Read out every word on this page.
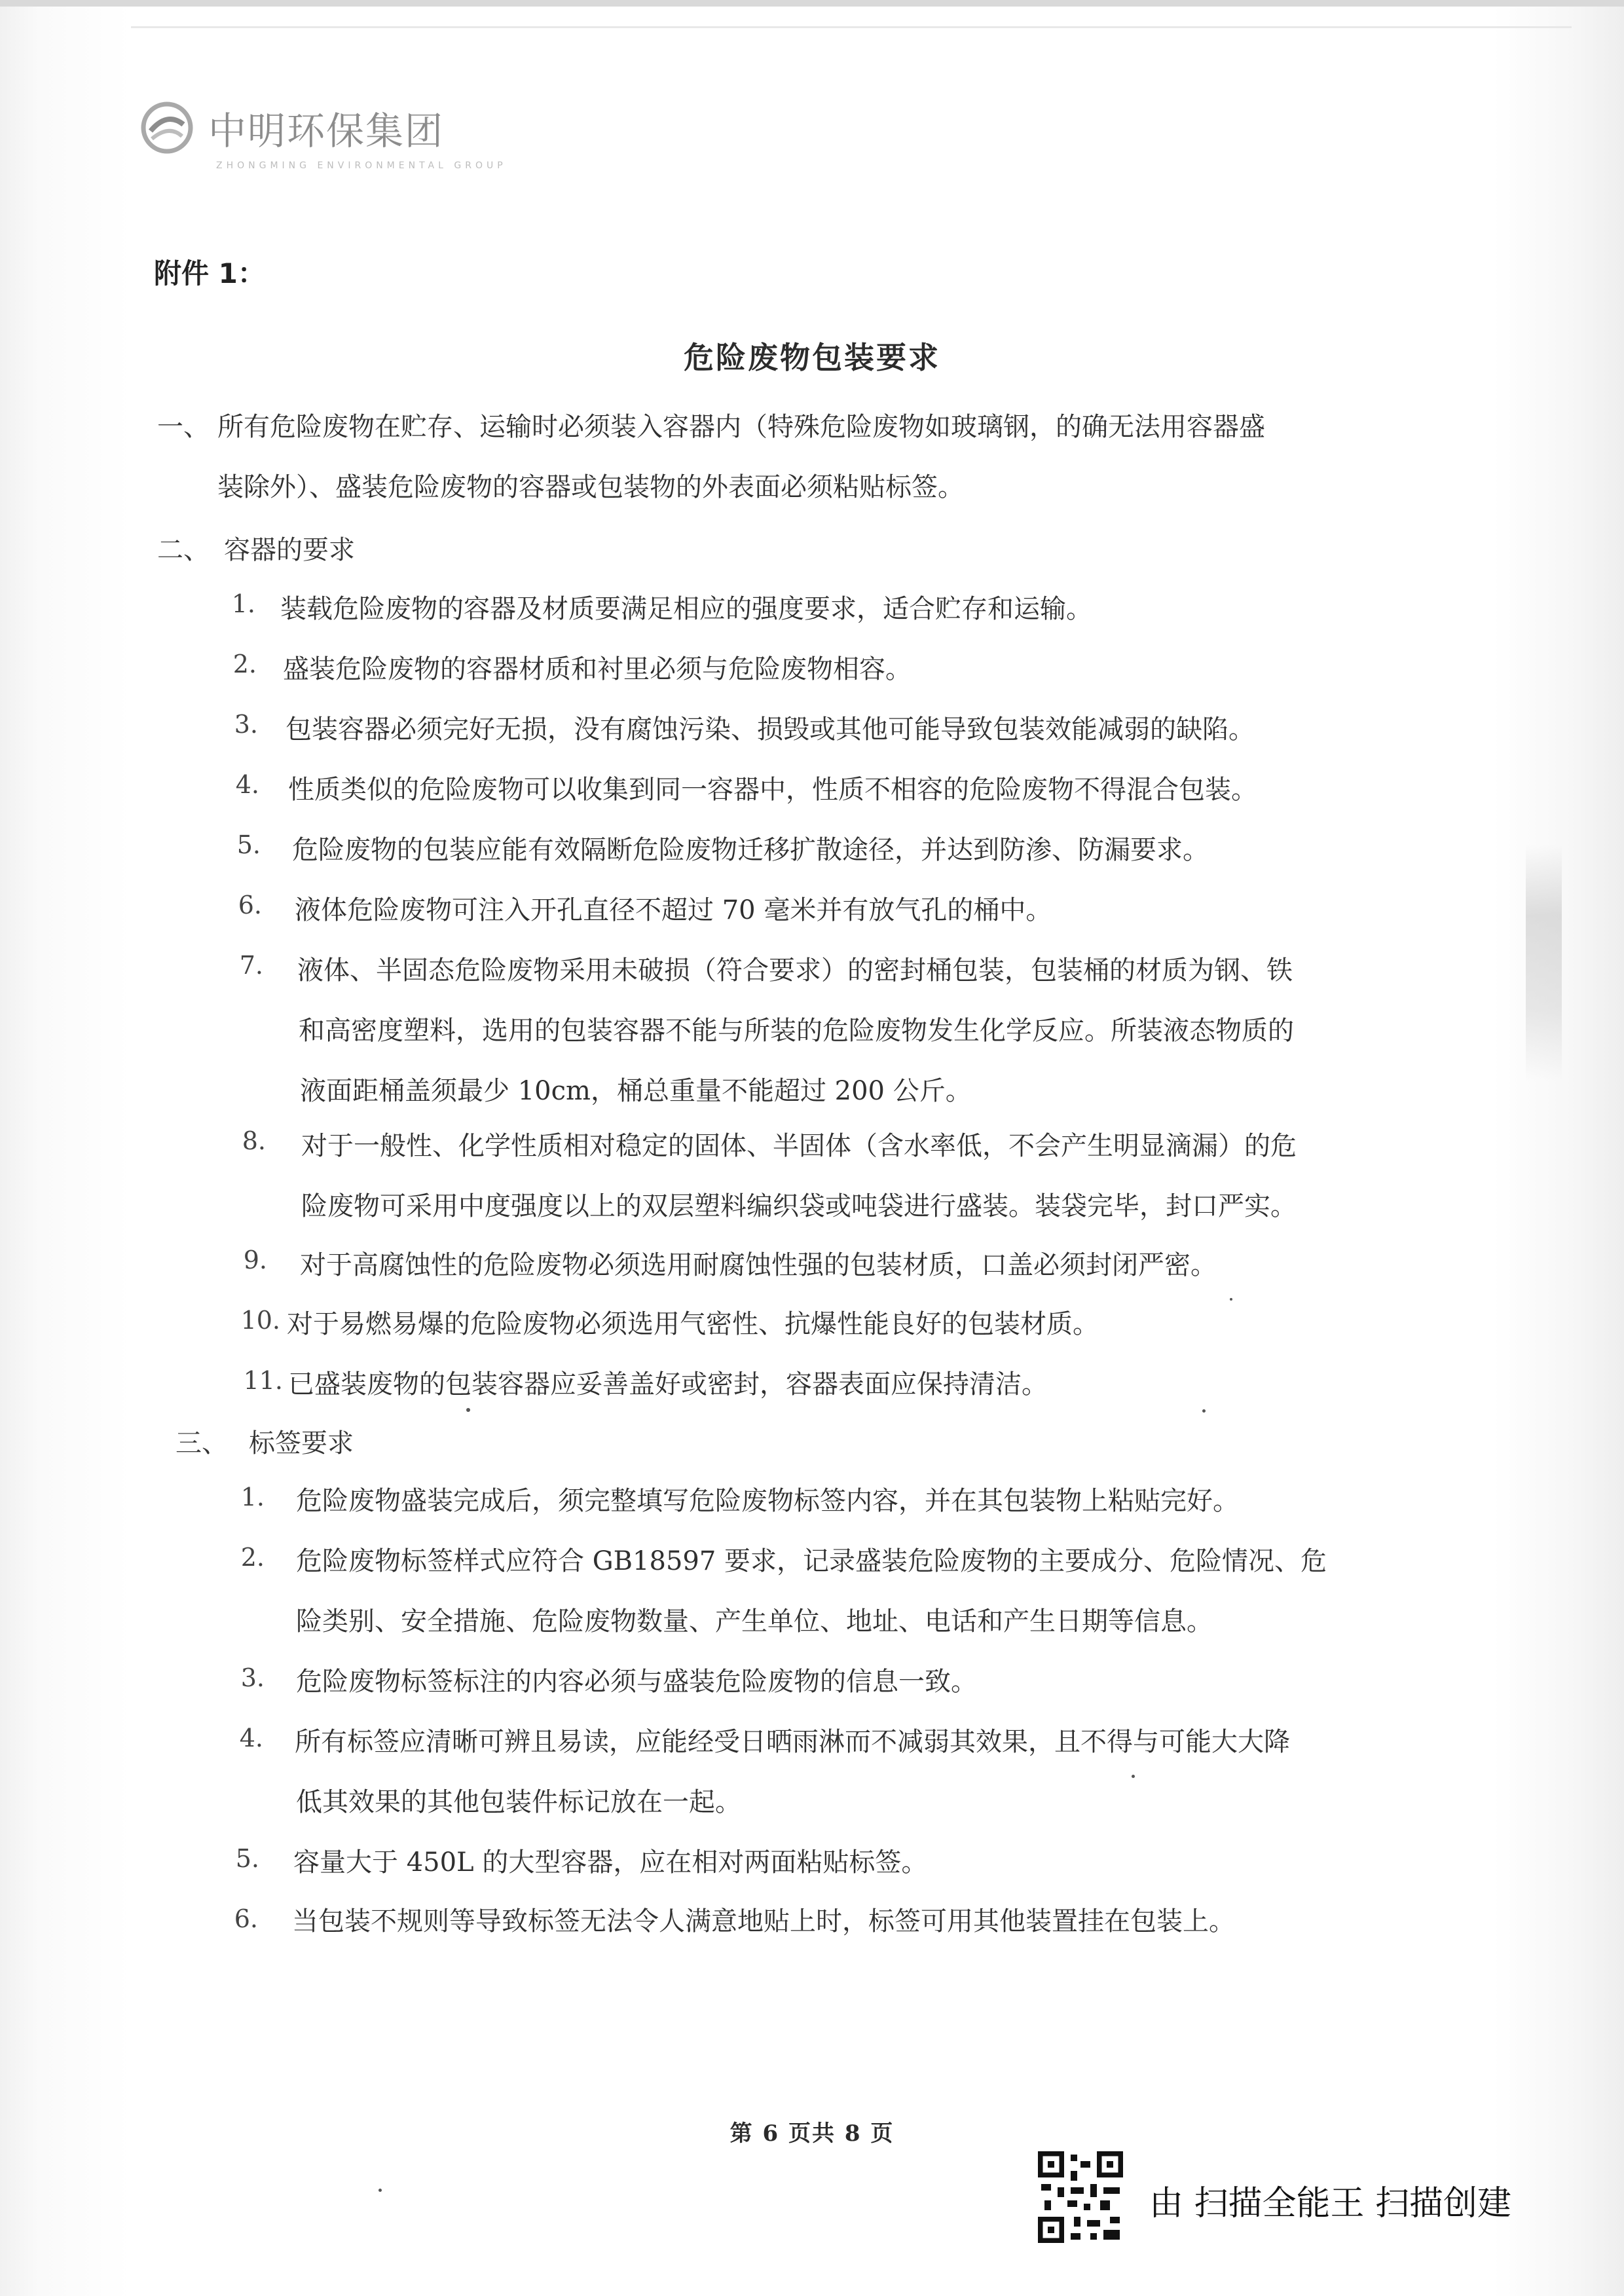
中明环保集团
ZHONGMING ENVIRONMENTAL GROUP
附件 1：
危险废物包装要求
一、 所有危险废物在贮存、运输时必须装入容器内（特殊危险废物如玻璃钢，的确无法用容器盛
装除外）、盛装危险废物的容器或包装物的外表面必须粘贴标签。
二、 容器的要求
1. 装载危险废物的容器及材质要满足相应的强度要求，适合贮存和运输。
2. 盛装危险废物的容器材质和衬里必须与危险废物相容。
3. 包装容器必须完好无损，没有腐蚀污染、损毁或其他可能导致包装效能减弱的缺陷。
4. 性质类似的危险废物可以收集到同一容器中，性质不相容的危险废物不得混合包装。
5. 危险废物的包装应能有效隔断危险废物迁移扩散途径，并达到防渗、防漏要求。
6. 液体危险废物可注入开孔直径不超过 70 毫米并有放气孔的桶中。
7. 液体、半固态危险废物采用未破损（符合要求）的密封桶包装，包装桶的材质为钢、铁
和高密度塑料，选用的包装容器不能与所装的危险废物发生化学反应。所装液态物质的
液面距桶盖须最少 10cm，桶总重量不能超过 200 公斤。
8. 对于一般性、化学性质相对稳定的固体、半固体（含水率低，不会产生明显滴漏）的危
险废物可采用中度强度以上的双层塑料编织袋或吨袋进行盛装。装袋完毕，封口严实。
9. 对于高腐蚀性的危险废物必须选用耐腐蚀性强的包装材质，口盖必须封闭严密。
10. 对于易燃易爆的危险废物必须选用气密性、抗爆性能良好的包装材质。
11. 已盛装废物的包装容器应妥善盖好或密封，容器表面应保持清洁。
三、 标签要求
1. 危险废物盛装完成后，须完整填写危险废物标签内容，并在其包装物上粘贴完好。
2. 危险废物标签样式应符合 GB18597 要求，记录盛装危险废物的主要成分、危险情况、危
险类别、安全措施、危险废物数量、产生单位、地址、电话和产生日期等信息。
3. 危险废物标签标注的内容必须与盛装危险废物的信息一致。
4. 所有标签应清晰可辨且易读，应能经受日晒雨淋而不减弱其效果，且不得与可能大大降
低其效果的其他包装件标记放在一起。
5. 容量大于 450L 的大型容器，应在相对两面粘贴标签。
6. 当包装不规则等导致标签无法令人满意地贴上时，标签可用其他装置挂在包装上。
第 6 页共 8 页
由 扫描全能王 扫描创建
